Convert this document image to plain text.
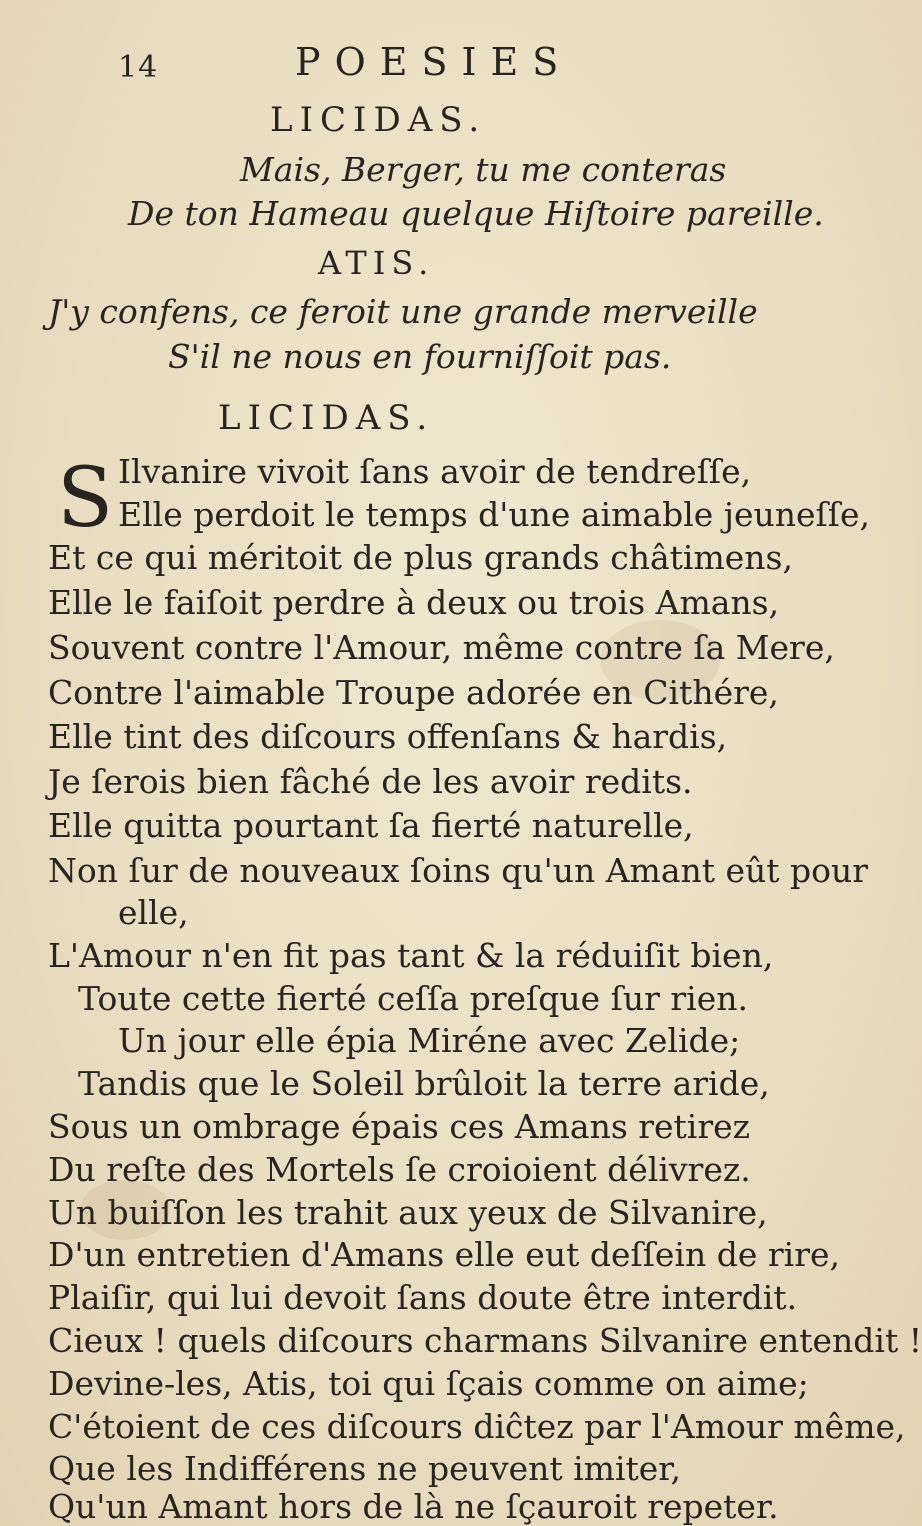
14	POESIES
LICIDAS.
Mais, Berger, tu me conteras
De ton Hameau quelque Hiſtoire pareille.
ATIS.
J'y confens, ce feroit une grande merveille
S'il ne nous en fourniſſoit pas.
LICIDAS.
S Ilvanire vivoit ſans avoir de tendreſſe,
Elle perdoit le temps d'une aimable jeuneſſe,
Et ce qui méritoit de plus grands châtimens,
Elle le faiſoit perdre à deux ou trois Amans,
Souvent contre l'Amour, même contre ſa Mere,
Contre l'aimable Troupe adorée en Cithére,
Elle tint des diſcours offenſans & hardis,
Je ſerois bien fâché de les avoir redits.
Elle quitta pourtant ſa fierté naturelle,
Non ſur de nouveaux ſoins qu'un Amant eût pour
elle,
L'Amour n'en fit pas tant & la réduiſit bien,
Toute cette fierté ceſſa preſque ſur rien.
Un jour elle épia Miréne avec Zelide;
Tandis que le Soleil brûloit la terre aride,
Sous un ombrage épais ces Amans retirez
Du reſte des Mortels ſe croioient délivrez.
Un buiſſon les trahit aux yeux de Silvanire,
D'un entretien d'Amans elle eut deſſein de rire,
Plaiſir, qui lui devoit ſans doute être interdit.
Cieux ! quels diſcours charmans Silvanire entendit !
Devine-les, Atis, toi qui ſçais comme on aime;
C'étoient de ces diſcours diĉtez par l'Amour même,
Que les Indifférens ne peuvent imiter,
Qu'un Amant hors de là ne ſçauroit repeter.
